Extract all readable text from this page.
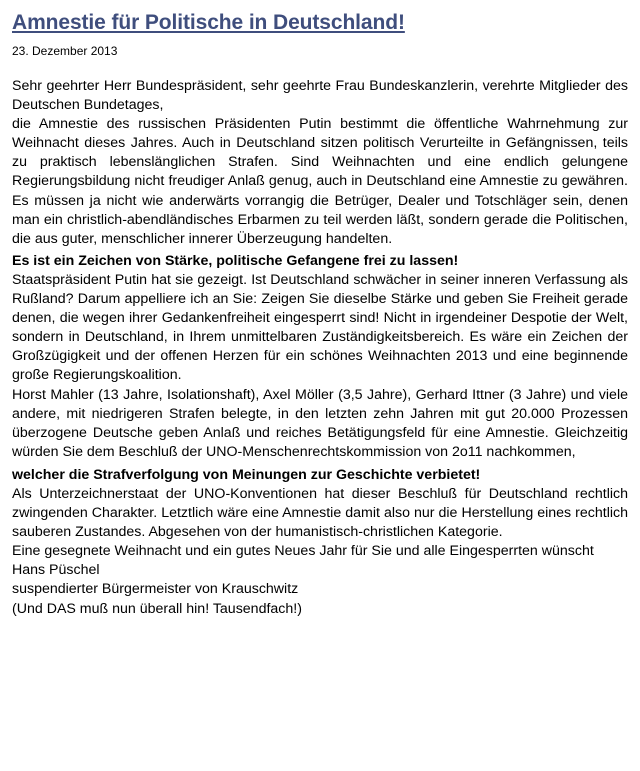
Amnestie für Politische in Deutschland!
23. Dezember 2013

Sehr geehrter Herr Bundespräsident, sehr geehrte Frau Bundeskanzlerin, verehrte Mitglieder des Deutschen Bundetages,

die Amnestie des russischen Präsidenten Putin bestimmt die öffentliche Wahrnehmung zur Weihnacht dieses Jahres. Auch in Deutschland sitzen politisch Verurteilte in Gefängnissen, teils zu praktisch lebenslänglichen Strafen. Sind Weihnachten und eine endlich gelungene Regierungsbildung nicht freudiger Anlaß genug, auch in Deutschland eine Amnestie zu gewähren. Es müssen ja nicht wie anderwärts vorrangig die Betrüger, Dealer und Totschläger sein, denen man ein christlich-abendländisches Erbarmen zu teil werden läßt, sondern gerade die Politischen, die aus guter, menschlicher innerer Überzeugung handelten.

Es ist ein Zeichen von Stärke, politische Gefangene frei zu lassen!

Staatspräsident Putin hat sie gezeigt. Ist Deutschland schwächer in seiner inneren Verfassung als Rußland? Darum appelliere ich an Sie: Zeigen Sie dieselbe Stärke und geben Sie Freiheit gerade denen, die wegen ihrer Gedankenfreiheit eingesperrt sind! Nicht in irgendeiner Despotie der Welt, sondern in Deutschland, in Ihrem unmittelbaren Zuständigkeitsbereich. Es wäre ein Zeichen der Großzügigkeit und der offenen Herzen für ein schönes Weihnachten 2013 und eine beginnende große Regierungskoalition.

Horst Mahler (13 Jahre, Isolationshaft), Axel Möller (3,5 Jahre), Gerhard Ittner (3 Jahre) und viele andere, mit niedrigeren Strafen belegte, in den letzten zehn Jahren mit gut 20.000 Prozessen überzogene Deutsche geben Anlaß und reiches Betätigungsfeld für eine Amnestie. Gleichzeitig würden Sie dem Beschluß der UNO-Menschenrechtskommission von 2o11 nachkommen,

welcher die Strafverfolgung von Meinungen zur Geschichte verbietet!

Als Unterzeichnerstaat der UNO-Konventionen hat dieser Beschluß für Deutschland rechtlich zwingenden Charakter. Letztlich wäre eine Amnestie damit also nur die Herstellung eines rechtlich sauberen Zustandes. Abgesehen von der humanistisch-christlichen Kategorie.

Eine gesegnete Weihnacht und ein gutes Neues Jahr für Sie und alle Eingesperrten wünscht

Hans Püschel

suspendierter Bürgermeister von Krauschwitz

(Und DAS muß nun überall hin! Tausendfach!)
